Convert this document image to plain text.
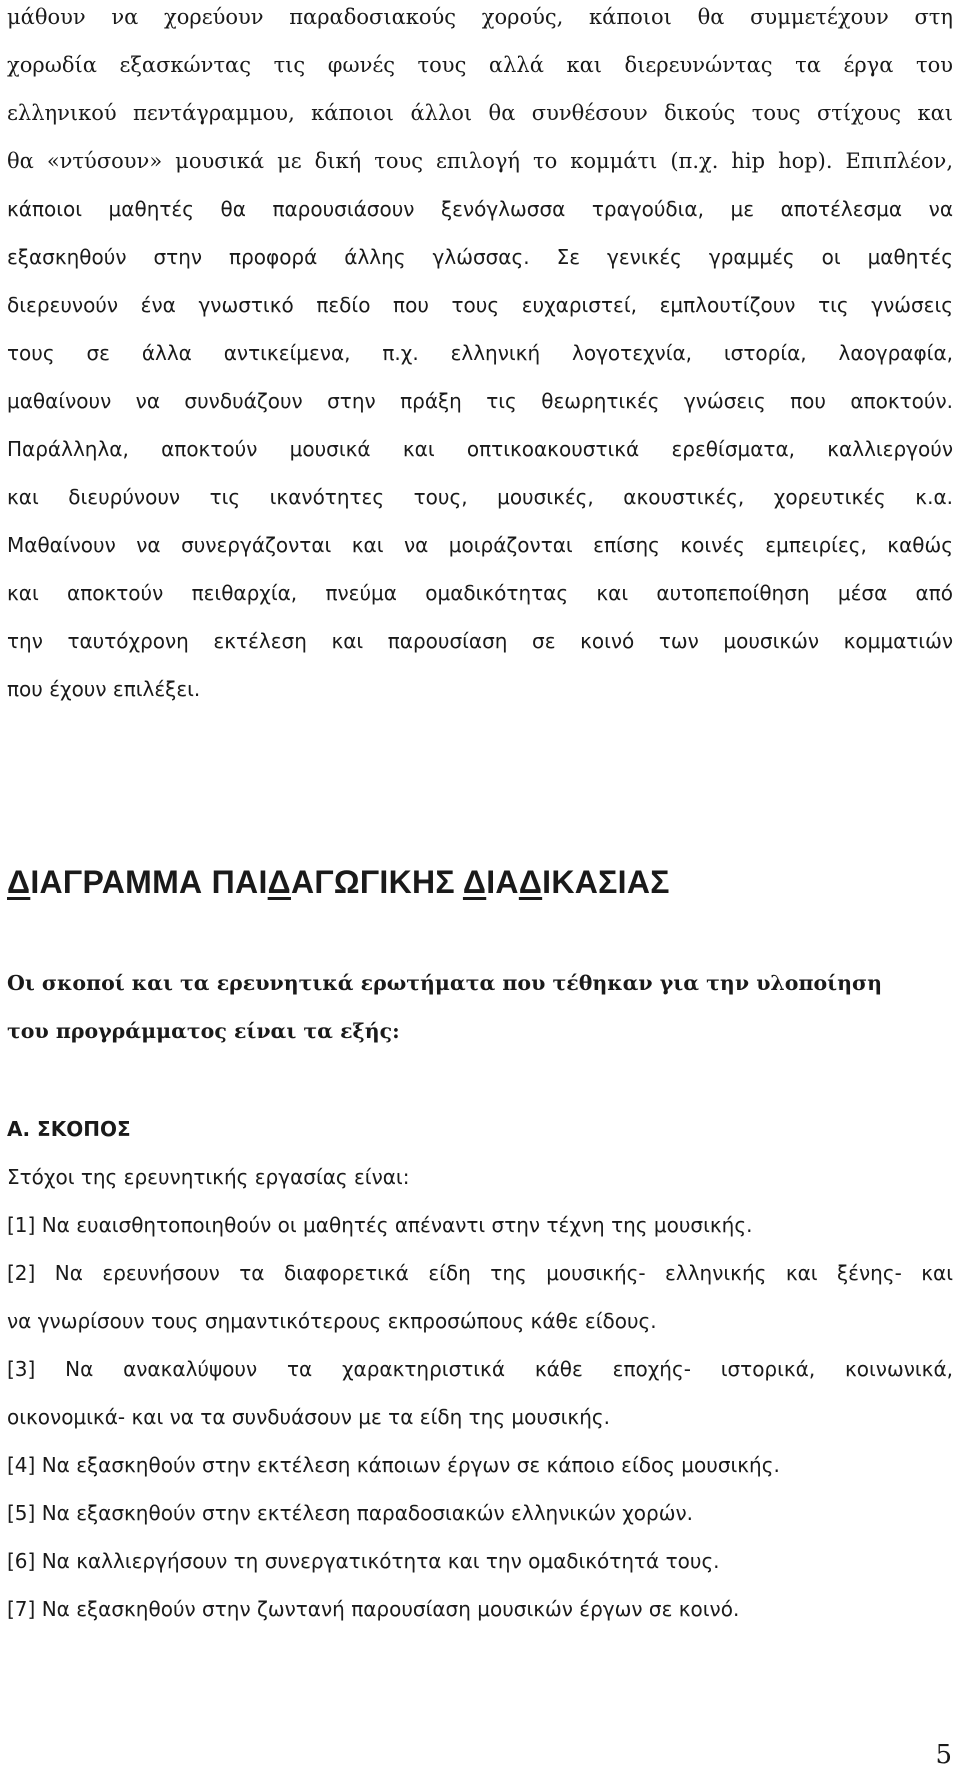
μάθουν να χορεύουν παραδοσιακούς χορούς, κάποιοι θα συμμετέχουν στη
χορωδία εξασκώντας τις φωνές τους αλλά και διερευνώντας τα έργα του
ελληνικού πεντάγραμμου, κάποιοι άλλοι θα συνθέσουν δικούς τους στίχους και
θα «ντύσουν» μουσικά με δική τους επιλογή το κομμάτι (π.χ. hip hop). Επιπλέον,
κάποιοι μαθητές θα παρουσιάσουν ξενόγλωσσα τραγούδια, με αποτέλεσμα να
εξασκηθούν στην προφορά άλλης γλώσσας. Σε γενικές γραμμές οι μαθητές
διερευνούν ένα γνωστικό πεδίο που τους ευχαριστεί, εμπλουτίζουν τις γνώσεις
τους σε άλλα αντικείμενα, π.χ. ελληνική λογοτεχνία, ιστορία, λαογραφία,
μαθαίνουν να συνδυάζουν στην πράξη τις θεωρητικές γνώσεις που αποκτούν.
Παράλληλα, αποκτούν μουσικά και οπτικοακουστικά ερεθίσματα, καλλιεργούν
και διευρύνουν τις ικανότητες τους, μουσικές, ακουστικές, χορευτικές κ.α.
Μαθαίνουν να συνεργάζονται και να μοιράζονται επίσης κοινές εμπειρίες, καθώς
και αποκτούν πειθαρχία, πνεύμα ομαδικότητας και αυτοπεποίθηση μέσα από
την ταυτόχρονη εκτέλεση και παρουσίαση σε κοινό των μουσικών κομματιών
που έχουν επιλέξει.
ΔΙΑΓΡΑΜΜΑ ΠΑΙΔΑΓΩΓΙΚΗΣ ΔΙΑΔΙΚΑΣΙΑΣ
Οι σκοποί και τα ερευνητικά ερωτήματα που τέθηκαν για την υλοποίηση
του προγράμματος είναι τα εξής:
Α. ΣΚΟΠΟΣ
Στόχοι της ερευνητικής εργασίας είναι:
[1] Να ευαισθητοποιηθούν οι μαθητές απέναντι στην τέχνη της μουσικής.
[2] Να ερευνήσουν τα διαφορετικά είδη της μουσικής- ελληνικής και ξένης- και
να γνωρίσουν τους σημαντικότερους εκπροσώπους κάθε είδους.
[3] Να ανακαλύψουν τα χαρακτηριστικά κάθε εποχής- ιστορικά, κοινωνικά,
οικονομικά- και να τα συνδυάσουν με τα είδη της μουσικής.
[4] Να εξασκηθούν στην εκτέλεση κάποιων έργων σε κάποιο είδος μουσικής.
[5] Να εξασκηθούν στην εκτέλεση παραδοσιακών ελληνικών χορών.
[6] Να καλλιεργήσουν τη συνεργατικότητα και την ομαδικότητά τους.
[7] Να εξασκηθούν στην ζωντανή παρουσίαση μουσικών έργων σε κοινό.
5
